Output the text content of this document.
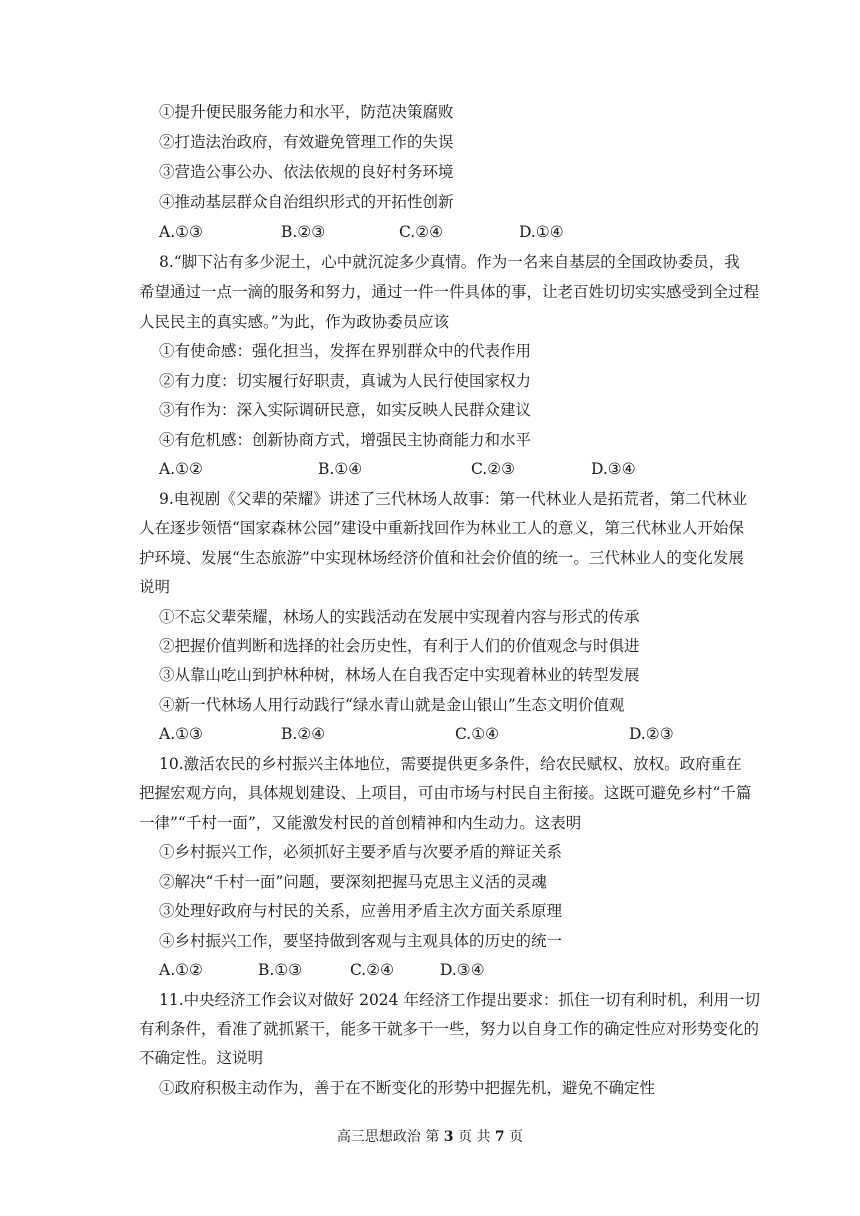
①提升便民服务能力和水平，防范决策腐败
②打造法治政府，有效避免管理工作的失误
③营造公事公办、依法依规的良好村务环境
④推动基层群众自治组织形式的开拓性创新
A.①③	B.②③	C.②④	D.①④
8.“脚下沾有多少泥土，心中就沉淀多少真情。作为一名来自基层的全国政协委员，我
希望通过一点一滴的服务和努力，通过一件一件具体的事，让老百姓切切实实感受到全过程
人民民主的真实感。”为此，作为政协委员应该
①有使命感：强化担当，发挥在界别群众中的代表作用
②有力度：切实履行好职责，真诚为人民行使国家权力
③有作为：深入实际调研民意，如实反映人民群众建议
④有危机感：创新协商方式，增强民主协商能力和水平
A.①②	B.①④	C.②③	D.③④
9.电视剧《父辈的荣耀》讲述了三代林场人故事：第一代林业人是拓荒者，第二代林业
人在逐步领悟“国家森林公园”建设中重新找回作为林业工人的意义，第三代林业人开始保
护环境、发展“生态旅游”中实现林场经济价值和社会价值的统一。三代林业人的变化发展
说明
①不忘父辈荣耀，林场人的实践活动在发展中实现着内容与形式的传承
②把握价值判断和选择的社会历史性，有利于人们的价值观念与时俱进
③从靠山吃山到护林种树，林场人在自我否定中实现着林业的转型发展
④新一代林场人用行动践行“绿水青山就是金山银山”生态文明价值观
A.①③	B.②④	C.①④	D.②③
10.激活农民的乡村振兴主体地位，需要提供更多条件，给农民赋权、放权。政府重在
把握宏观方向，具体规划建设、上项目，可由市场与村民自主衔接。这既可避免乡村“千篇
一律”“千村一面”，又能激发村民的首创精神和内生动力。这表明
①乡村振兴工作，必须抓好主要矛盾与次要矛盾的辩证关系
②解决“千村一面”问题，要深刻把握马克思主义活的灵魂
③处理好政府与村民的关系，应善用矛盾主次方面关系原理
④乡村振兴工作，要坚持做到客观与主观具体的历史的统一
A.①②	B.①③	C.②④	D.③④
11.中央经济工作会议对做好 2024 年经济工作提出要求：抓住一切有利时机，利用一切
有利条件，看准了就抓紧干，能多干就多干一些，努力以自身工作的确定性应对形势变化的
不确定性。这说明
①政府积极主动作为，善于在不断变化的形势中把握先机，避免不确定性
高三思想政治 第 3 页 共 7 页
